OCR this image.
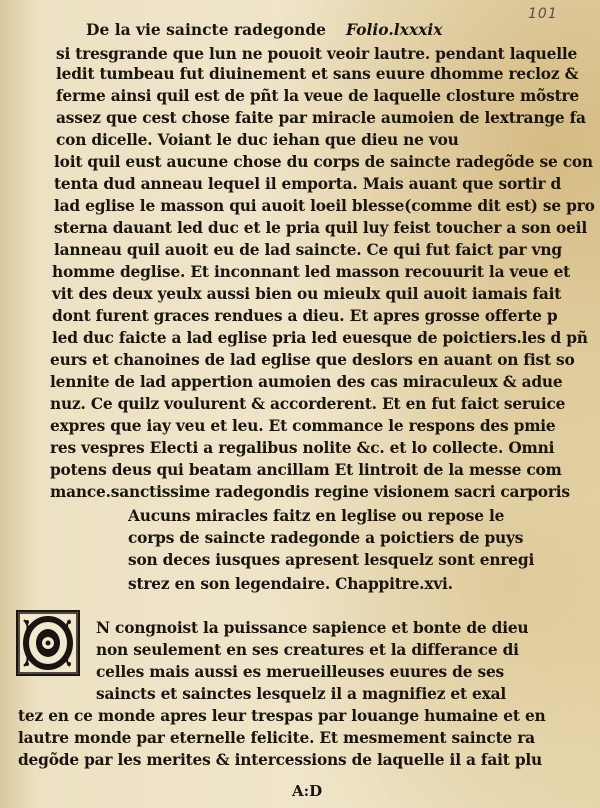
101
De la vie saincte radegonde Folio.lxxxix
si tresgrande que lun ne pouoit veoir lautre. pendant laquelle
ledit tumbeau fut diuinement et sans euure dhomme recloz &
ferme ainsi quil est de pñt la veue de laquelle closture mõstre
assez que cest chose faite par miracle aumoien de lextrange fa
con dicelle. Voiant le duc iehan que dieu ne vou
loit quil eust aucune chose du corps de saincte radegõde se con
tenta dud anneau lequel il emporta. Mais auant que sortir d
lad eglise le masson qui auoit loeil blesse(comme dit est) se pro
sterna dauant led duc et le pria quil luy feist toucher a son oeil
lanneau quil auoit eu de lad saincte. Ce qui fut faict par vng
homme deglise. Et inconnant led masson recouurit la veue et
vit des deux yeulx aussi bien ou mieulx quil auoit iamais fait
dont furent graces rendues a dieu. Et apres grosse offerte p
led duc faicte a lad eglise pria led euesque de poictiers.les d pñ
eurs et chanoines de lad eglise que deslors en auant on fist so
lennite de lad appertion aumoien des cas miraculeux & adue
nuz. Ce quilz voulurent & accorderent. Et en fut faict seruice
expres que iay veu et leu. Et commance le respons des pmie
res vespres Electi a regalibus nolite &c. et lo collecte. Omni
potens deus qui beatam ancillam Et lintroit de la messe com
mance.sanctissime radegondis regine visionem sacri carporis
Aucuns miracles faitz en leglise ou repose le
corps de saincte radegonde a poictiers de puys
son deces iusques apresent lesquelz sont enregi
strez en son legendaire. Chappitre.xvi.
N congnoist la puissance sapience et bonte de dieu
non seulement en ses creatures et la differance di
celles mais aussi es merueilleuses euures de ses
saincts et sainctes lesquelz il a magnifiez et exal
tez en ce monde apres leur trespas par louange humaine et en
lautre monde par eternelle felicite. Et mesmement saincte ra
degõde par les merites & intercessions de laquelle il a fait plu
A:D
